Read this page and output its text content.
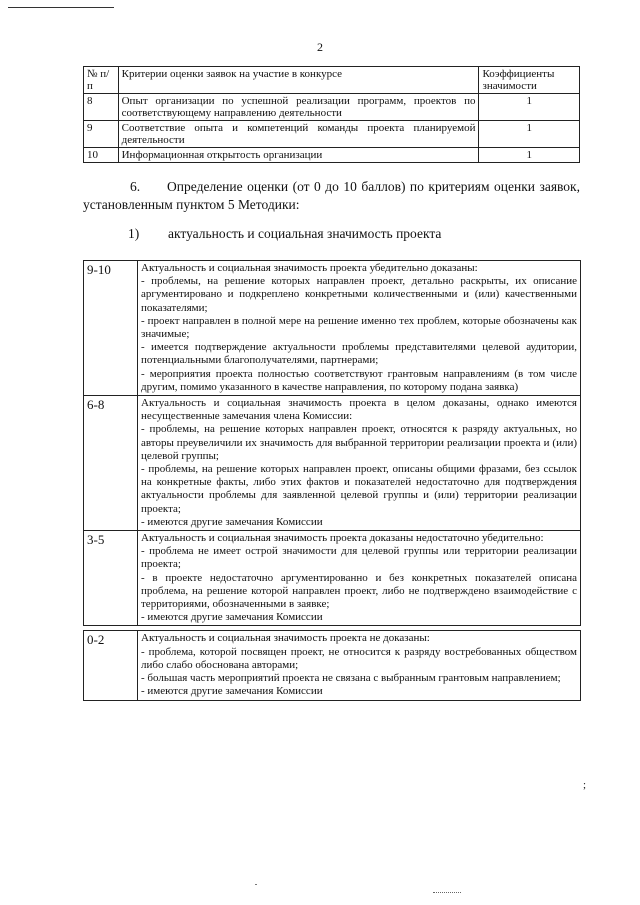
2
№ п/п	Критерии оценки заявок на участие в конкурсе	Коэффициенты значимости
8	Опыт организации по успешной реализации программ, проектов по соответствующему направлению деятельности	1
9	Соответствие опыта и компетенций команды проекта планируемой деятельности	1
10	Информационная открытость организации	1
6.      Определение оценки (от 0 до 10 баллов) по критериям оценки заявок, установленным пунктом 5 Методики:
1) актуальность и социальная значимость проекта
9-10	Актуальность и социальная значимость проекта убедительно доказаны:
- проблемы, на решение которых направлен проект, детально раскрыты, их описание аргументировано и подкреплено конкретными количественными и (или) качественными показателями;
- проект направлен в полной мере на решение именно тех проблем, которые обозначены как значимые;
- имеется подтверждение актуальности проблемы представителями целевой аудитории, потенциальными благополучателями, партнерами;
- мероприятия проекта полностью соответствуют грантовым направлениям (в том числе другим, помимо указанного в качестве направления, по которому подана заявка)

6-8	Актуальность и социальная значимость проекта в целом доказаны, однако имеются несущественные замечания члена Комиссии:
- проблемы, на решение которых направлен проект, относятся к разряду актуальных, но авторы преувеличили их значимость для выбранной территории реализации проекта и (или) целевой группы;
- проблемы, на решение которых направлен проект, описаны общими фразами, без ссылок на конкретные факты, либо этих фактов и показателей недостаточно для подтверждения актуальности проблемы для заявленной целевой группы и (или) территории реализации проекта;
- имеются другие замечания Комиссии

3-5	Актуальность и социальная значимость проекта доказаны недостаточно убедительно:
- проблема не имеет острой значимости для целевой группы или территории реализации проекта;
- в проекте недостаточно аргументированно и без конкретных показателей описана проблема, на решение которой направлен проект, либо не подтверждено взаимодействие с территориями, обозначенными в заявке;
- имеются другие замечания Комиссии

0-2	Актуальность и социальная значимость проекта не доказаны:
- проблема, которой посвящен проект, не относится к разряду востребованных обществом либо слабо обоснована авторами;
- большая часть мероприятий проекта не связана с выбранным грантовым направлением;
- имеются другие замечания Комиссии
;
